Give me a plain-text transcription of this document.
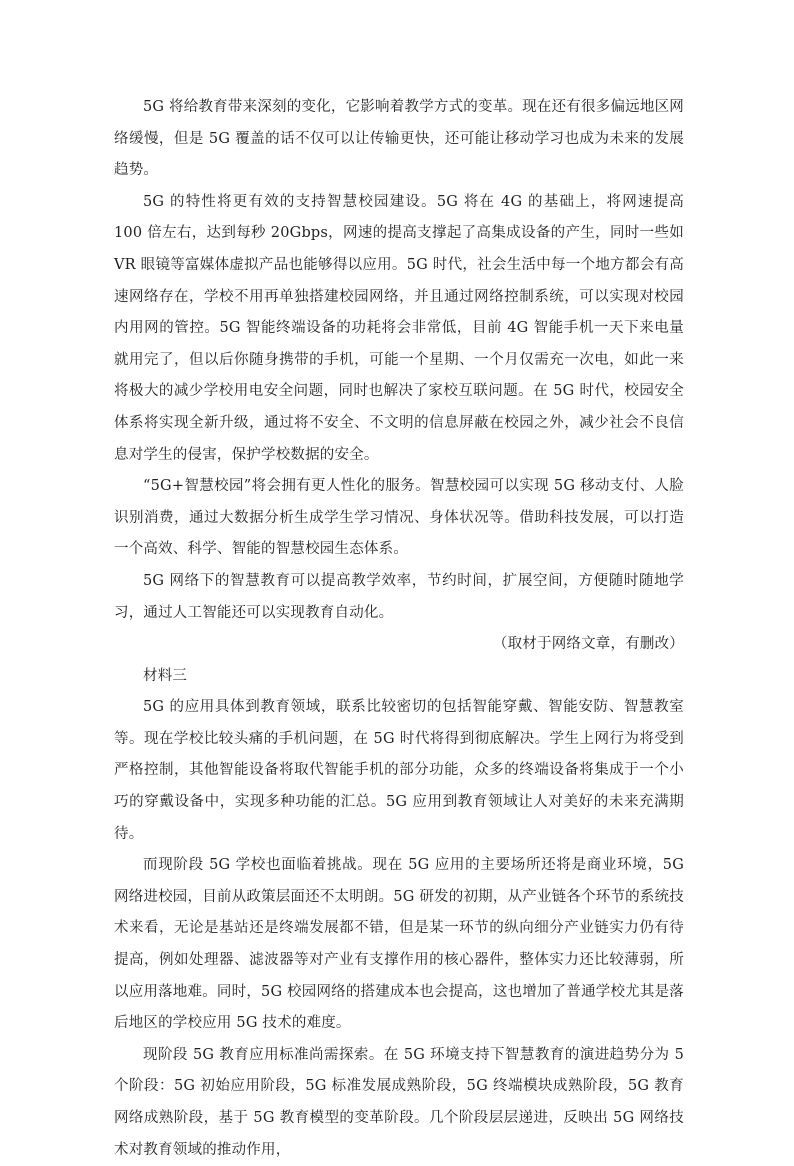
5G 将给教育带来深刻的变化，它影响着教学方式的变革。现在还有很多偏远地区网络缓慢，但是 5G 覆盖的话不仅可以让传输更快，还可能让移动学习也成为未来的发展趋势。

5G 的特性将更有效的支持智慧校园建设。5G 将在 4G 的基础上，将网速提高 100 倍左右，达到每秒 20Gbps，网速的提高支撑起了高集成设备的产生，同时一些如 VR 眼镜等富媒体虚拟产品也能够得以应用。5G 时代，社会生活中每一个地方都会有高速网络存在，学校不用再单独搭建校园网络，并且通过网络控制系统，可以实现对校园内用网的管控。5G 智能终端设备的功耗将会非常低，目前 4G 智能手机一天下来电量就用完了，但以后你随身携带的手机，可能一个星期、一个月仅需充一次电，如此一来将极大的减少学校用电安全问题，同时也解决了家校互联问题。在 5G 时代，校园安全体系将实现全新升级，通过将不安全、不文明的信息屏蔽在校园之外，减少社会不良信息对学生的侵害，保护学校数据的安全。

“5G+智慧校园”将会拥有更人性化的服务。智慧校园可以实现 5G 移动支付、人脸识别消费，通过大数据分析生成学生学习情况、身体状况等。借助科技发展，可以打造一个高效、科学、智能的智慧校园生态体系。

5G 网络下的智慧教育可以提高教学效率，节约时间，扩展空间，方便随时随地学习，通过人工智能还可以实现教育自动化。

（取材于网络文章，有删改）

材料三

5G 的应用具体到教育领域，联系比较密切的包括智能穿戴、智能安防、智慧教室等。现在学校比较头痛的手机问题，在 5G 时代将得到彻底解决。学生上网行为将受到严格控制，其他智能设备将取代智能手机的部分功能，众多的终端设备将集成于一个小巧的穿戴设备中，实现多种功能的汇总。5G 应用到教育领域让人对美好的未来充满期待。

而现阶段 5G 学校也面临着挑战。现在 5G 应用的主要场所还将是商业环境，5G 网络进校园，目前从政策层面还不太明朗。5G 研发的初期，从产业链各个环节的系统技术来看，无论是基站还是终端发展都不错，但是某一环节的纵向细分产业链实力仍有待提高，例如处理器、滤波器等对产业有支撑作用的核心器件，整体实力还比较薄弱，所以应用落地难。同时，5G 校园网络的搭建成本也会提高，这也增加了普通学校尤其是落后地区的学校应用 5G 技术的难度。

现阶段 5G 教育应用标准尚需探索。在 5G 环境支持下智慧教育的演进趋势分为 5 个阶段：5G 初始应用阶段，5G 标准发展成熟阶段，5G 终端模块成熟阶段，5G 教育网络成熟阶段，基于 5G 教育模型的变革阶段。几个阶段层层递进，反映出 5G 网络技术对教育领域的推动作用，
